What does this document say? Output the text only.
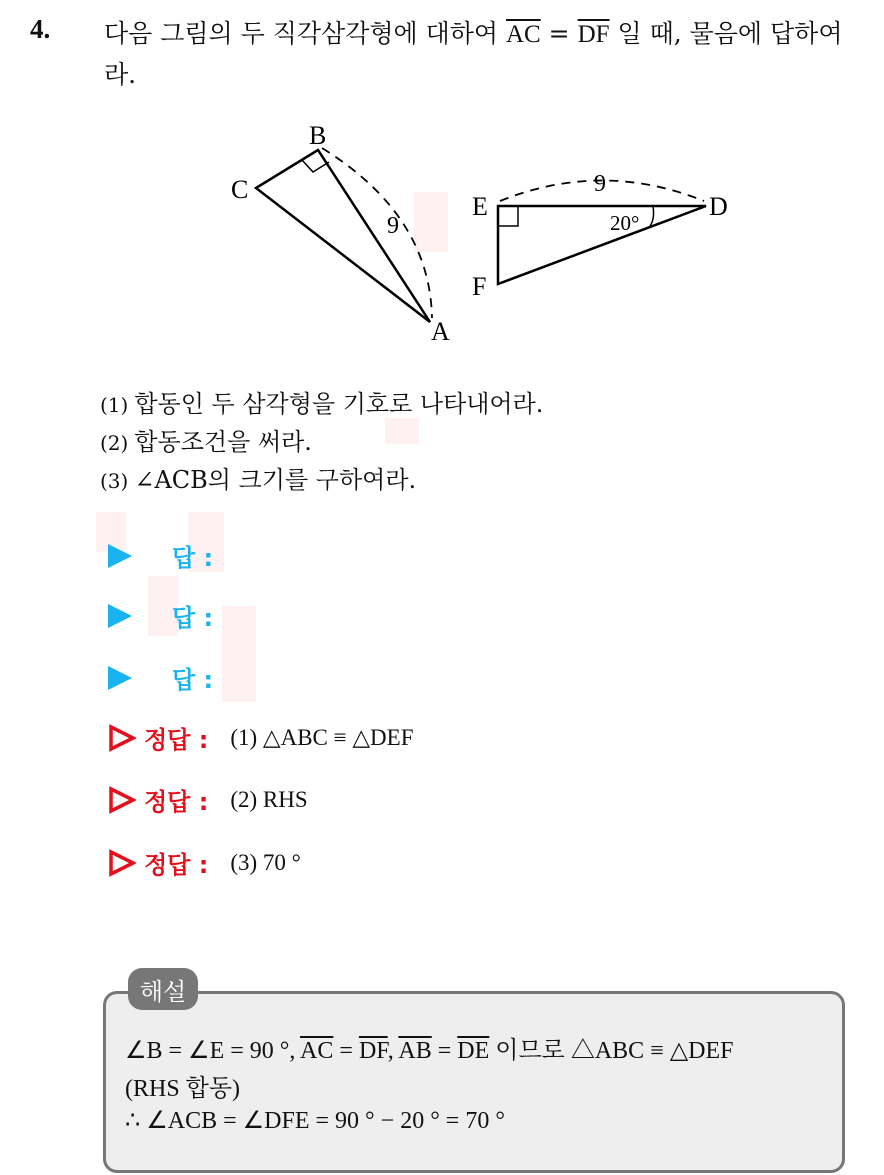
4. 다음 그림의 두 직각삼각형에 대하여 $\overline{AC} = \overline{DF}$ 일 때, 물음에 답하여라.
B
C
A
9
E	D
F
9
20°
(1) 합동인 두 삼각형을 기호로 나타내어라.
(2) 합동조건을 써라.
(3) ∠ACB의 크기를 구하여라.
답 :
답 :
답 :
정답 : (1) △ABC ≡ △DEF
정답 : (2) RHS
정답 : (3) 70 °
해설
∠B = ∠E = 90 °, $\overline{AC} = \overline{DF}$, $\overline{AB} = \overline{DE}$ 이므로 △ABC ≡ △DEF
(RHS 합동)
∴ ∠ACB = ∠DFE = 90 ° − 20 ° = 70 °
